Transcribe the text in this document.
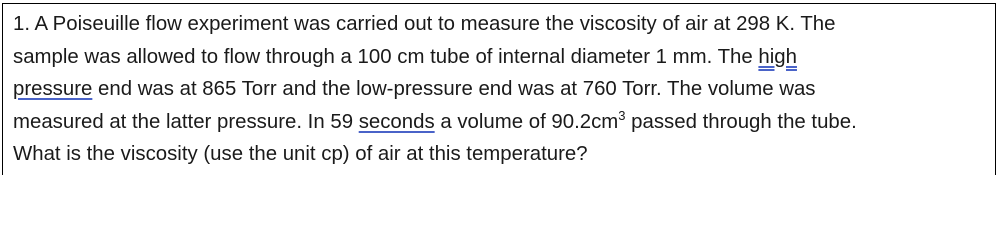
1. A Poiseuille flow experiment was carried out to measure the viscosity of air at 298 K. The
sample was allowed to flow through a 100 cm tube of internal diameter 1 mm. The high
pressure end was at 865 Torr and the low-pressure end was at 760 Torr. The volume was
measured at the latter pressure. In 59 seconds a volume of $90.2cm^3$ passed through the tube.
What is the viscosity (use the unit cp) of air at this temperature?
